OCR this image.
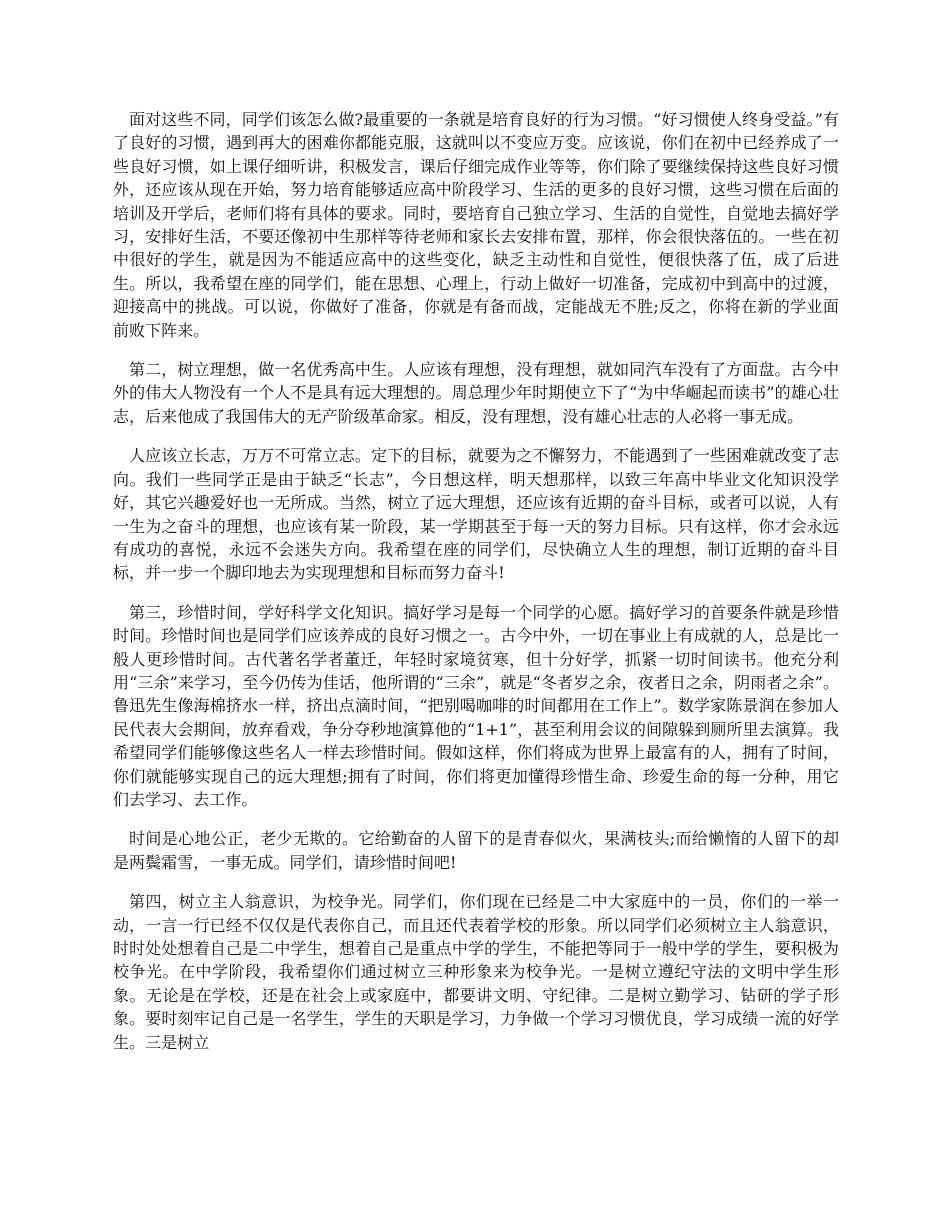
面对这些不同，同学们该怎么做?最重要的一条就是培育良好的行为习惯。“好习惯使人终身受益。”有了良好的习惯，遇到再大的困难你都能克服，这就叫以不变应万变。应该说，你们在初中已经养成了一些良好习惯，如上课仔细听讲，积极发言，课后仔细完成作业等等，你们除了要继续保持这些良好习惯外，还应该从现在开始，努力培育能够适应高中阶段学习、生活的更多的良好习惯，这些习惯在后面的培训及开学后，老师们将有具体的要求。同时，要培育自己独立学习、生活的自觉性，自觉地去搞好学习，安排好生活，不要还像初中生那样等待老师和家长去安排布置，那样，你会很快落伍的。一些在初中很好的学生，就是因为不能适应高中的这些变化，缺乏主动性和自觉性，便很快落了伍，成了后进生。所以，我希望在座的同学们，能在思想、心理上，行动上做好一切准备，完成初中到高中的过渡，迎接高中的挑战。可以说，你做好了准备，你就是有备而战，定能战无不胜;反之，你将在新的学业面前败下阵来。

第二，树立理想，做一名优秀高中生。人应该有理想，没有理想，就如同汽车没有了方面盘。古今中外的伟大人物没有一个人不是具有远大理想的。周总理少年时期使立下了“为中华崛起而读书”的雄心壮志，后来他成了我国伟大的无产阶级革命家。相反，没有理想，没有雄心壮志的人必将一事无成。

人应该立长志，万万不可常立志。定下的目标，就要为之不懈努力，不能遇到了一些困难就改变了志向。我们一些同学正是由于缺乏“长志”，今日想这样，明天想那样，以致三年高中毕业文化知识没学好，其它兴趣爱好也一无所成。当然，树立了远大理想，还应该有近期的奋斗目标，或者可以说，人有一生为之奋斗的理想，也应该有某一阶段，某一学期甚至于每一天的努力目标。只有这样，你才会永远有成功的喜悦，永远不会迷失方向。我希望在座的同学们，尽快确立人生的理想，制订近期的奋斗目标，并一步一个脚印地去为实现理想和目标而努力奋斗!

第三，珍惜时间，学好科学文化知识。搞好学习是每一个同学的心愿。搞好学习的首要条件就是珍惜时间。珍惜时间也是同学们应该养成的良好习惯之一。古今中外，一切在事业上有成就的人，总是比一般人更珍惜时间。古代著名学者董迁，年轻时家境贫寒，但十分好学，抓紧一切时间读书。他充分利用“三余”来学习，至今仍传为佳话，他所谓的“三余”，就是“冬者岁之余，夜者日之余，阴雨者之余”。鲁迅先生像海棉挤水一样，挤出点滴时间，“把别喝咖啡的时间都用在工作上”。数学家陈景润在参加人民代表大会期间，放弃看戏，争分夺秒地演算他的“1+1”，甚至利用会议的间隙躲到厕所里去演算。我希望同学们能够像这些名人一样去珍惜时间。假如这样，你们将成为世界上最富有的人，拥有了时间，你们就能够实现自己的远大理想;拥有了时间，你们将更加懂得珍惜生命、珍爱生命的每一分种，用它们去学习、去工作。

时间是心地公正，老少无欺的。它给勤奋的人留下的是青春似火，果满枝头;而给懒惰的人留下的却是两鬓霜雪，一事无成。同学们，请珍惜时间吧!

第四，树立主人翁意识，为校争光。同学们，你们现在已经是二中大家庭中的一员，你们的一举一动，一言一行已经不仅仅是代表你自己，而且还代表着学校的形象。所以同学们必须树立主人翁意识，时时处处想着自己是二中学生，想着自己是重点中学的学生，不能把等同于一般中学的学生，要积极为校争光。在中学阶段，我希望你们通过树立三种形象来为校争光。一是树立遵纪守法的文明中学生形象。无论是在学校，还是在社会上或家庭中，都要讲文明、守纪律。二是树立勤学习、钻研的学子形象。要时刻牢记自己是一名学生，学生的天职是学习，力争做一个学习习惯优良，学习成绩一流的好学生。三是树立
